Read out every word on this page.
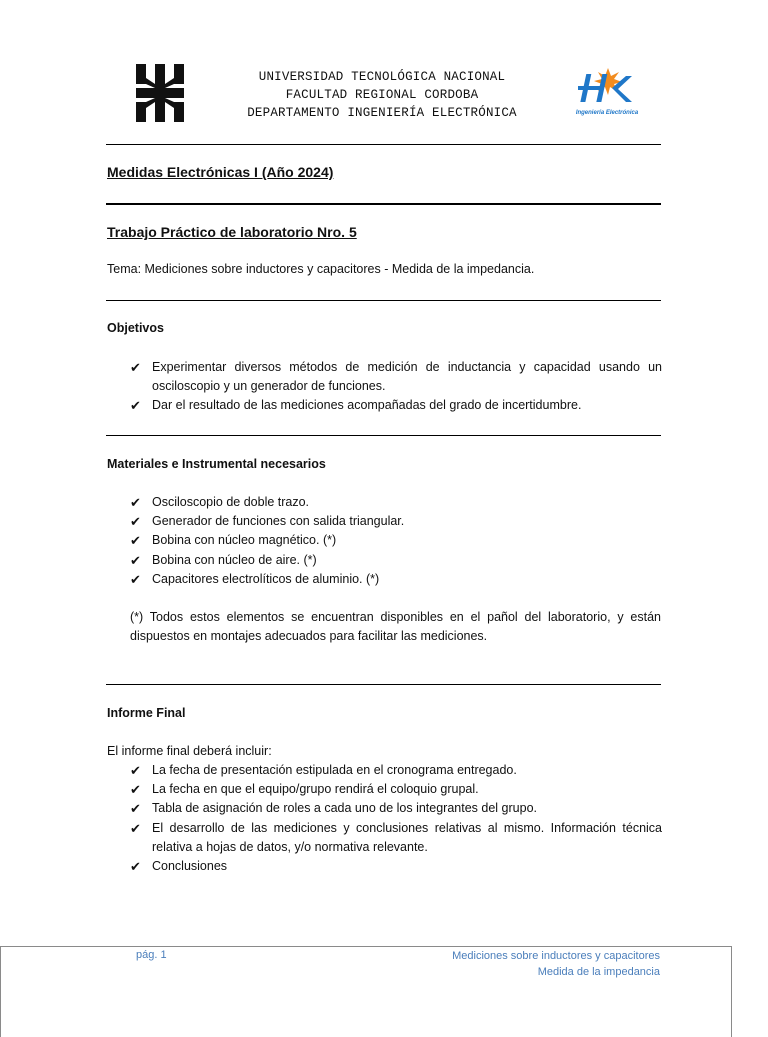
UNIVERSIDAD TECNOLÓGICA NACIONAL
FACULTAD REGIONAL CORDOBA
DEPARTAMENTO INGENIERÍA ELECTRÓNICA	Ingeniería Electrónica
Medidas Electrónicas I (Año 2024)
Trabajo Práctico de laboratorio Nro. 5
Tema: Mediciones sobre inductores y capacitores - Medida de la impedancia.
Objetivos
✔ Experimentar diversos métodos de medición de inductancia y capacidad usando un osciloscopio y un generador de funciones.
✔ Dar el resultado de las mediciones acompañadas del grado de incertidumbre.
Materiales e Instrumental necesarios
✔ Osciloscopio de doble trazo.
✔ Generador de funciones con salida triangular.
✔ Bobina con núcleo magnético. (*)
✔ Bobina con núcleo de aire. (*)
✔ Capacitores electrolíticos de aluminio. (*)
(*) Todos estos elementos se encuentran disponibles en el pañol del laboratorio, y están dispuestos en montajes adecuados para facilitar las mediciones.
Informe Final
El informe final deberá incluir:
✔ La fecha de presentación estipulada en el cronograma entregado.
✔ La fecha en que el equipo/grupo rendirá el coloquio grupal.
✔ Tabla de asignación de roles a cada uno de los integrantes del grupo.
✔ El desarrollo de las mediciones y conclusiones relativas al mismo. Información técnica relativa a hojas de datos, y/o normativa relevante.
✔ Conclusiones
pág. 1	Mediciones sobre inductores y capacitores
Medida de la impedancia
